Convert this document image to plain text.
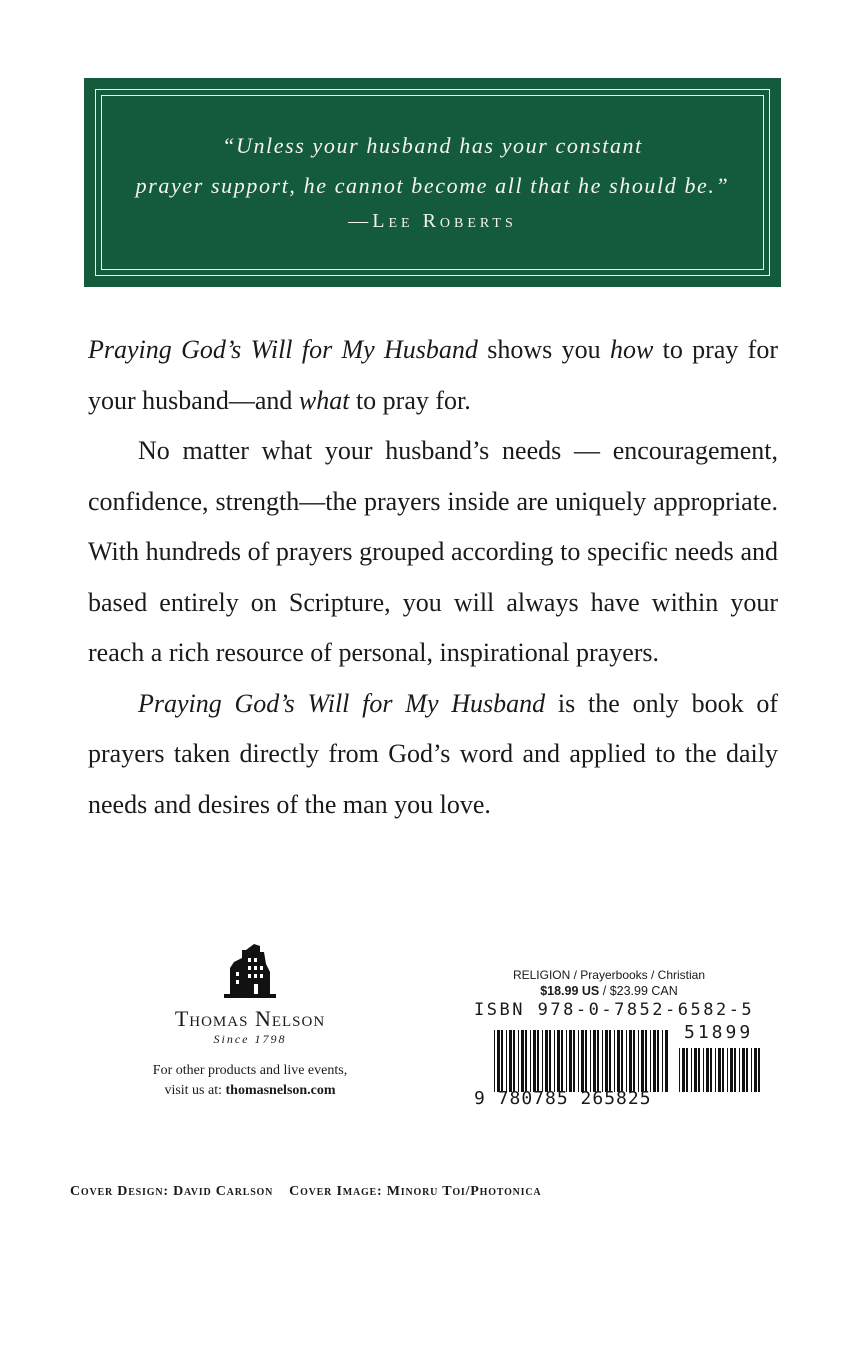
“Unless your husband has your constant
prayer support, he cannot become all that he should be.”
—Lee Roberts

Praying God’s Will for My Husband shows you how to pray for your husband—and what to pray for.

No matter what your husband’s needs — encouragement, confidence, strength—the prayers inside are uniquely appropriate. With hundreds of prayers grouped according to specific needs and based entirely on Scripture, you will always have within your reach a rich resource of personal, inspirational prayers.

Praying God’s Will for My Husband is the only book of prayers taken directly from God’s word and applied to the daily needs and desires of the man you love.

Thomas Nelson
Since 1798
For other products and live events,
visit us at: thomasnelson.com
RELIGION / Prayerbooks / Christian
$18.99 US / $23.99 CAN
ISBN 978-0-7852-6582-5
51899
9 780785 265825
Cover Design: David Carlson Cover Image: Minoru Toi/Photonica
